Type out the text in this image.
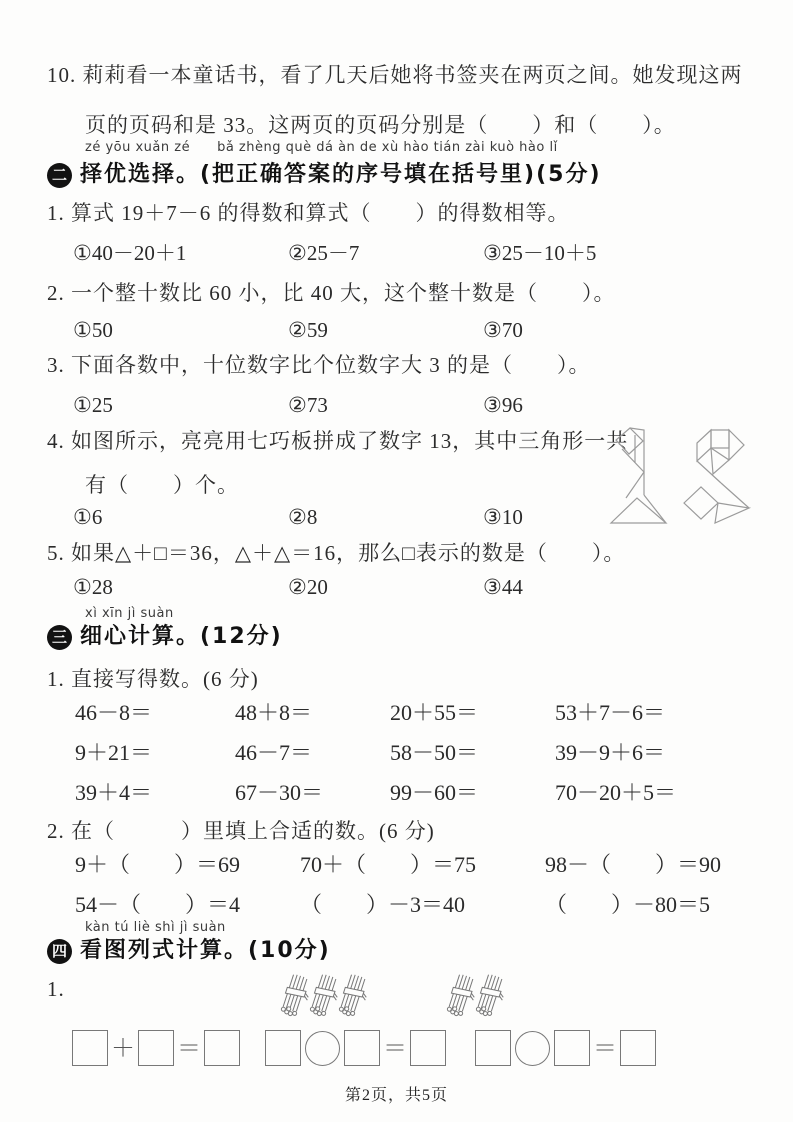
10. 莉莉看一本童话书，看了几天后她将书签夹在两页之间。她发现这两
页的页码和是 33。这两页的页码分别是（　　）和（　　）。
zé yōu xuǎn zé　　bǎ zhèng què dá àn de xù hào tián zài kuò hào lǐ
二 择优选择。(把正确答案的序号填在括号里)(5分)
1. 算式 19＋7－6 的得数和算式（　　）的得数相等。
①40－20＋1	②25－7	③25－10＋5
2. 一个整十数比 60 小，比 40 大，这个整十数是（　　）。
①50	②59	③70
3. 下面各数中，十位数字比个位数字大 3 的是（　　）。
①25	②73	③96
4. 如图所示，亮亮用七巧板拼成了数字 13，其中三角形一共
有（　　）个。
①6	②8	③10
5. 如果△＋□＝36，△＋△＝16，那么□表示的数是（　　）。
①28	②20	③44
xì xīn jì suàn
三 细心计算。(12分)
1. 直接写得数。(6 分)
46－8＝	48＋8＝	20＋55＝	53＋7－6＝
9＋21＝	46－7＝	58－50＝	39－9＋6＝
39＋4＝	67－30＝	99－60＝	70－20＋5＝
2. 在（　　　）里填上合适的数。(6 分)
9＋（　　）＝69	70＋（　　）＝75	98－（　　）＝90
54－（　　）＝4	（　　）－3＝40	（　　）－80＝5
kàn tú liè shì jì suàn
四 看图列式计算。(10分)
1.
＋ ＝	＝	＝
第2页，共5页
